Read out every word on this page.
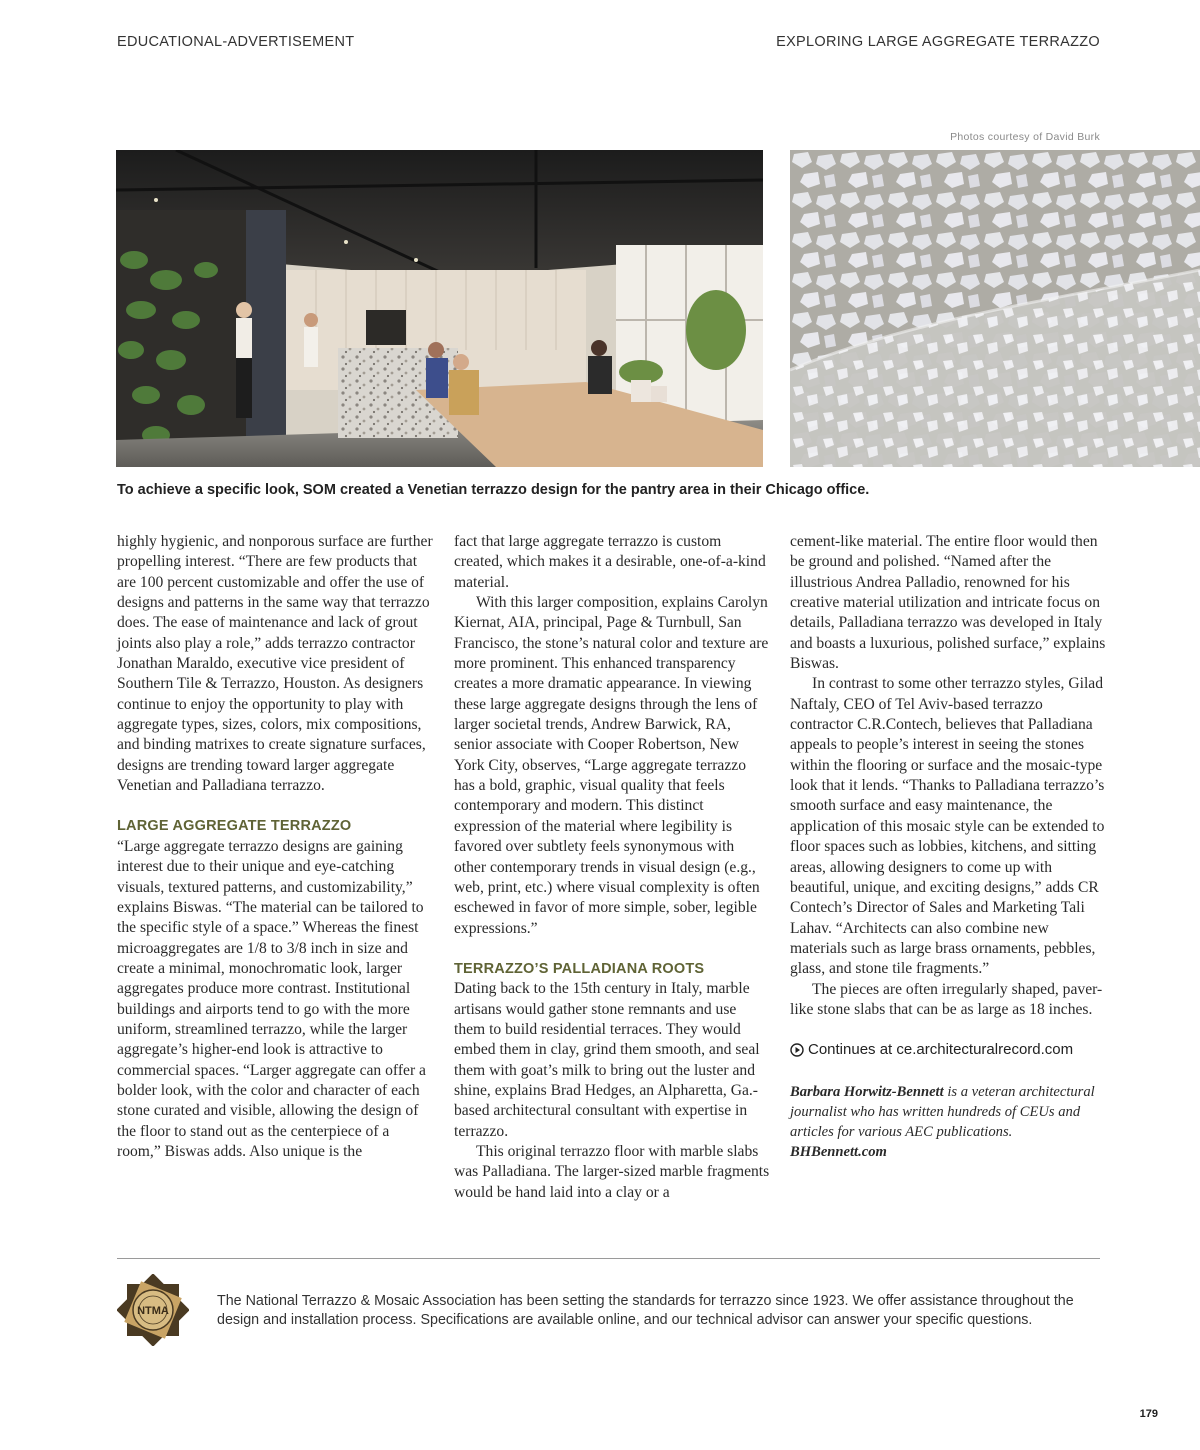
EDUCATIONAL-ADVERTISEMENT	EXPLORING LARGE AGGREGATE TERRAZZO
Photos courtesy of David Burk
To achieve a specific look, SOM created a Venetian terrazzo design for the pantry area in their Chicago office.

highly hygienic, and nonporous surface are further propelling interest. “There are few products that are 100 percent customizable and offer the use of designs and patterns in the same way that terrazzo does. The ease of maintenance and lack of grout joints also play a role,” adds terrazzo contractor Jonathan Maraldo, executive vice president of Southern Tile & Terrazzo, Houston. As designers continue to enjoy the opportunity to play with aggregate types, sizes, colors, mix compositions, and binding matrixes to create signature surfaces, designs are trending toward larger aggregate Venetian and Palladiana terrazzo.

LARGE AGGREGATE TERRAZZO

“Large aggregate terrazzo designs are gaining interest due to their unique and eye-catching visuals, textured patterns, and customizability,” explains Biswas. “The material can be tailored to the specific style of a space.” Whereas the finest microaggregates are 1/8 to 3/8 inch in size and create a minimal, monochromatic look, larger aggregates produce more contrast. Institutional buildings and airports tend to go with the more uniform, streamlined terrazzo, while the larger aggregate’s higher-end look is attractive to commercial spaces. “Larger aggregate can offer a bolder look, with the color and character of each stone curated and visible, allowing the design of the floor to stand out as the centerpiece of a room,” Biswas adds. Also unique is the

fact that large aggregate terrazzo is custom created, which makes it a desirable, one-of-a-kind material.

With this larger composition, explains Carolyn Kiernat, AIA, principal, Page & Turnbull, San Francisco, the stone’s natural color and texture are more prominent. This enhanced transparency creates a more dramatic appearance. In viewing these large aggregate designs through the lens of larger societal trends, Andrew Barwick, RA, senior associate with Cooper Robertson, New York City, observes, “Large aggregate terrazzo has a bold, graphic, visual quality that feels contemporary and modern. This distinct expression of the material where legibility is favored over subtlety feels synonymous with other contemporary trends in visual design (e.g., web, print, etc.) where visual complexity is often eschewed in favor of more simple, sober, legible expressions.”

TERRAZZO’S PALLADIANA ROOTS

Dating back to the 15th century in Italy, marble artisans would gather stone remnants and use them to build residential terraces. They would embed them in clay, grind them smooth, and seal them with goat’s milk to bring out the luster and shine, explains Brad Hedges, an Alpharetta, Ga.-based architectural consultant with expertise in terrazzo.

This original terrazzo floor with marble slabs was Palladiana. The larger-sized marble fragments would be hand laid into a clay or a

cement-like material. The entire floor would then be ground and polished. “Named after the illustrious Andrea Palladio, renowned for his creative material utilization and intricate focus on details, Palladiana terrazzo was developed in Italy and boasts a luxurious, polished surface,” explains Biswas.

In contrast to some other terrazzo styles, Gilad Naftaly, CEO of Tel Aviv-based terrazzo contractor C.R.Contech, believes that Palladiana appeals to people’s interest in seeing the stones within the flooring or surface and the mosaic-type look that it lends. “Thanks to Palladiana terrazzo’s smooth surface and easy maintenance, the application of this mosaic style can be extended to floor spaces such as lobbies, kitchens, and sitting areas, allowing designers to come up with beautiful, unique, and exciting designs,” adds CR Contech’s Director of Sales and Marketing Tali Lahav. “Architects can also combine new materials such as large brass ornaments, pebbles, glass, and stone tile fragments.”

The pieces are often irregularly shaped, paver-like stone slabs that can be as large as 18 inches.

Continues at ce.architecturalrecord.com

Barbara Horwitz-Bennett is a veteran architectural journalist who has written hundreds of CEUs and articles for various AEC publications. BHBennett.com

NTMA
The National Terrazzo & Mosaic Association has been setting the standards for terrazzo since 1923. We offer assistance throughout the design and installation process. Specifications are available online, and our technical advisor can answer your specific questions.
179
